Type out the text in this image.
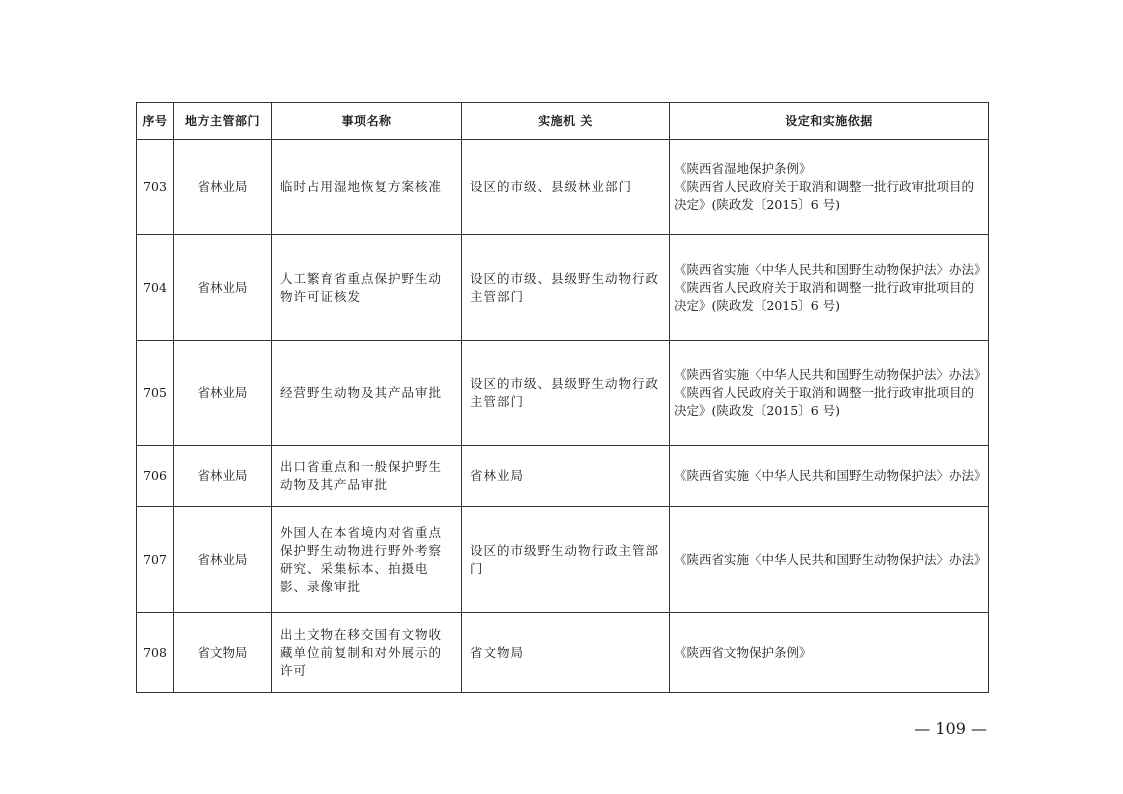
序号	地方主管部门	事项名称	实施机 关	设定和实施依据
703	省林业局	临时占用湿地恢复方案核准	设区的市级、县级林业部门	《陕西省湿地保护条例》
《陕西省人民政府关于取消和调整一批行政审批项目的决定》(陕政发〔2015〕6 号)

704	省林业局	人工繁育省重点保护野生动物许可证核发	设区的市级、县级野生动物行政主管部门	《陕西省实施〈中华人民共和国野生动物保护法〉办法》
《陕西省人民政府关于取消和调整一批行政审批项目的决定》(陕政发〔2015〕6 号)

705	省林业局	经营野生动物及其产品审批	设区的市级、县级野生动物行政主管部门	《陕西省实施〈中华人民共和国野生动物保护法〉办法》
《陕西省人民政府关于取消和调整一批行政审批项目的决定》(陕政发〔2015〕6 号)

706	省林业局	出口省重点和一般保护野生动物及其产品审批	省林业局	《陕西省实施〈中华人民共和国野生动物保护法〉办法》

707	省林业局	外国人在本省境内对省重点保护野生动物进行野外考察研究、采集标本、拍摄电影、录像审批	设区的市级野生动物行政主管部门	《陕西省实施〈中华人民共和国野生动物保护法〉办法》

708	省文物局	出土文物在移交国有文物收藏单位前复制和对外展示的许可	省文物局	《陕西省文物保护条例》
— 109 —
